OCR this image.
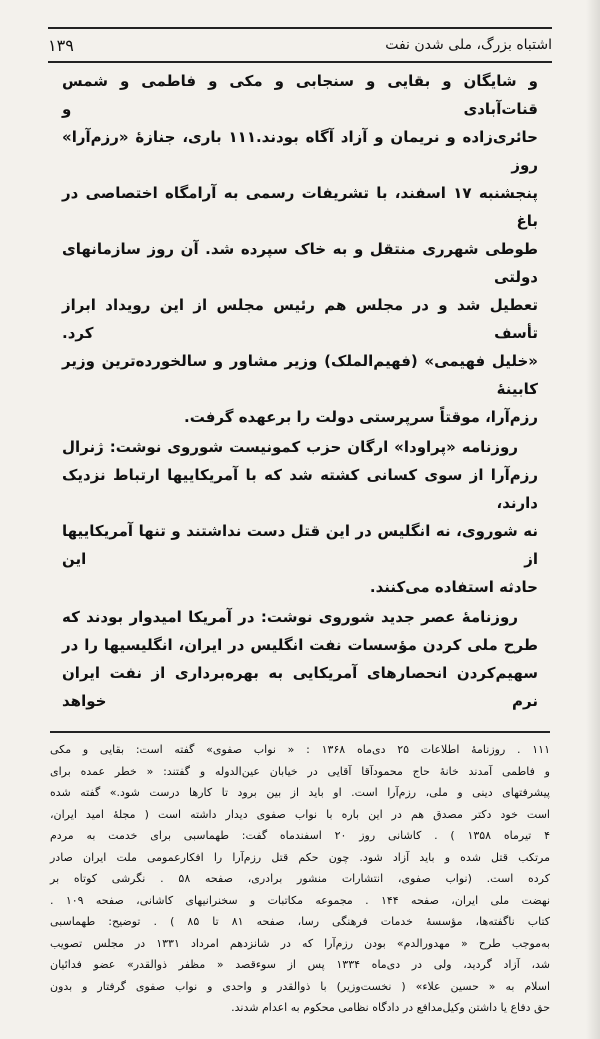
۱۳۹	اشتباه بزرگ، ملی شدن نفت
و شایگان و بقایی و سنجابی و مکی و فاطمی و شمس قنات‌آبادی و
حائری‌زاده و نریمان و آزاد آگاه بودند.۱۱۱ باری، جنازهٔ «رزم‌آرا» روز
پنجشنبه ۱۷ اسفند، با تشریفات رسمی به آرامگاه اختصاصی در باغ
طوطی شهرری منتقل و به خاک سپرده شد. آن روز سازمانهای دولتی
تعطیل شد و در مجلس هم رئیس مجلس از این رویداد ابراز تأسف کرد.
«خلیل فهیمی» (فهیم‌الملک) وزیر مشاور و سالخورده‌ترین وزیر کابینهٔ
رزم‌آرا، موقتاً سرپرستی دولت را برعهده گرفت.
روزنامه «پراودا» ارگان حزب کمونیست شوروی نوشت: ژنرال
رزم‌آرا از سوی کسانی کشته شد که با آمریکاییها ارتباط نزدیک دارند،
نه شوروی، نه انگلیس در این قتل دست نداشتند و تنها آمریکاییها از این
حادثه استفاده می‌کنند.
روزنامهٔ عصر جدید شوروی نوشت: در آمریکا امیدوار بودند که
طرح ملی کردن مؤسسات نفت انگلیس در ایران، انگلیسیها را در
سهیم‌کردن انحصارهای آمریکایی به بهره‌برداری از نفت ایران نرم خواهد
۱۱۱ . روزنامهٔ اطلاعات ۲۵ دی‌ماه ۱۳۶۸ : « نواب صفوی» گفته است: بقایی و مکی
و فاطمی آمدند خانهٔ حاج محمودآقا آقایی در خیابان عین‌الدوله و گفتند: « خطر عمده برای
پیشرفتهای دینی و ملی، رزم‌آرا است. او باید از بین برود تا کارها درست شود.» گفته شده
است خود دکتر مصدق هم در این باره با نواب صفوی دیدار داشته است ( مجلهٔ امید ایران،
۴ تیرماه ۱۳۵۸ ) . کاشانی روز ۲۰ اسفندماه گفت: طهماسبی برای خدمت به مردم
مرتکب قتل شده و باید آزاد شود. چون حکم قتل رزم‌آرا را افکارعمومی ملت ایران صادر
کرده است. (نواب صفوی، انتشارات منشور برادری، صفحه ۵۸ . نگرشی کوتاه بر
نهضت ملی ایران، صفحه ۱۴۴ . مجموعه مکاتبات و سخنرانیهای کاشانی، صفحه ۱۰۹ .
کتاب ناگفته‌ها، مؤسسهٔ خدمات فرهنگی رسا، صفحه ۸۱ تا ۸۵ ) . توضیح: طهماسبی
به‌موجب طرح « مهدورالدم» بودن رزم‌آرا که در شانزدهم امرداد ۱۳۳۱ در مجلس تصویب
شد، آزاد گردید، ولی در دی‌ماه ۱۳۳۴ پس از سوءقصد « مظفر ذوالقدر» عضو فدائیان
اسلام به « حسین علاء» ( نخست‌وزیر) با ذوالقدر و واحدی و نواب صفوی گرفتار و بدون
حق دفاع یا داشتن وکیل‌مدافع در دادگاه نظامی محکوم به اعدام شدند.
